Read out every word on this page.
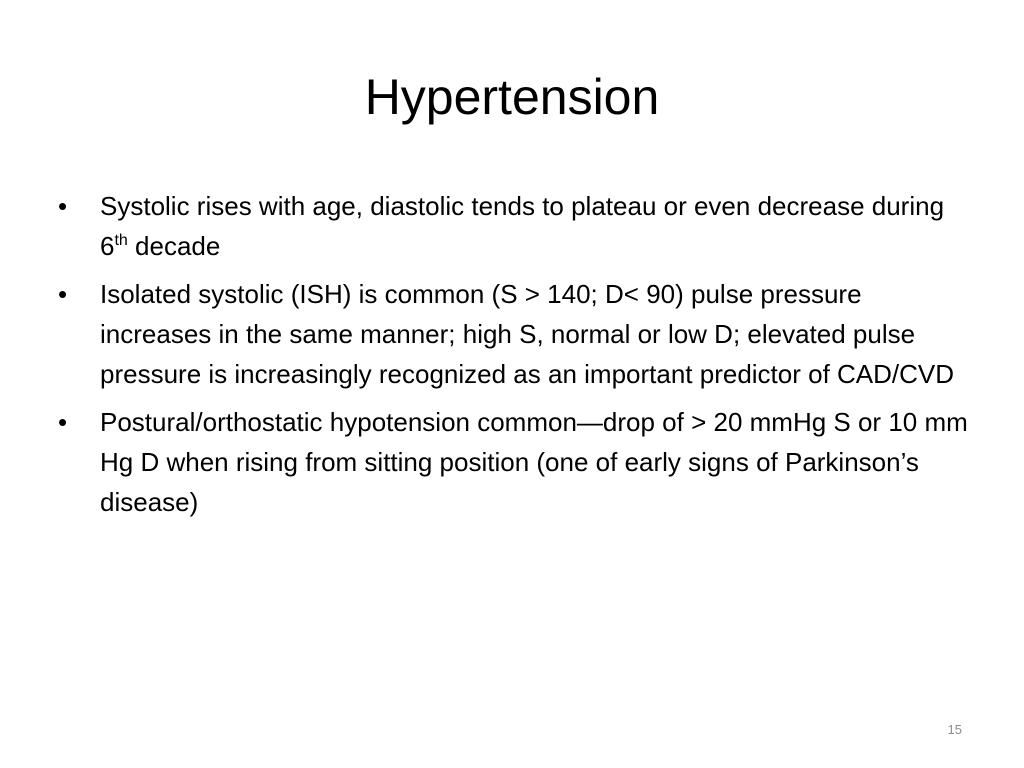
Hypertension
•	Systolic rises with age, diastolic tends to plateau or even decrease during 6th decade
•	Isolated systolic (ISH) is common (S > 140; D< 90) pulse pressure increases in the same manner; high S, normal or low D; elevated pulse pressure is increasingly recognized as an important predictor of CAD/CVD
•	Postural/orthostatic hypotension common—drop of > 20 mmHg S or 10 mm Hg D when rising from sitting position (one of early signs of Parkinson’s disease)
15
